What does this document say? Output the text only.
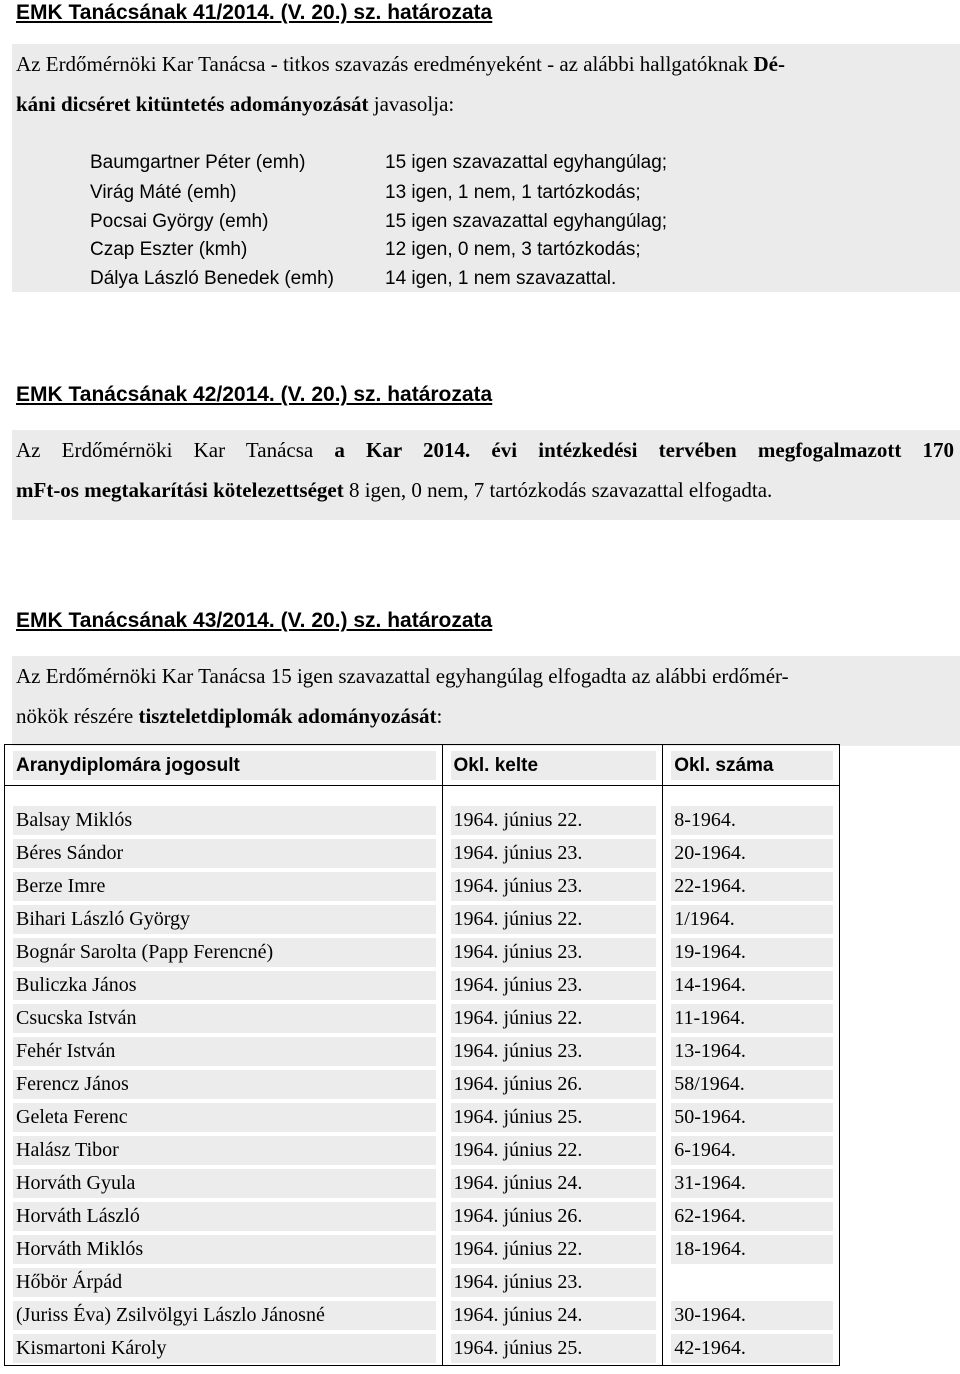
EMK Tanácsának 41/2014. (V. 20.) sz. határozata
Az Erdőmérnöki Kar Tanácsa - titkos szavazás eredményeként - az alábbi hallgatóknak Dé-
káni dicséret kitüntetés adományozását javasolja:
Baumgartner Péter (emh)	15 igen szavazattal egyhangúlag;
Virág Máté (emh)	13 igen, 1 nem, 1 tartózkodás;
Pocsai György (emh)	15 igen szavazattal egyhangúlag;
Czap Eszter (kmh)	12 igen, 0 nem, 3 tartózkodás;
Dálya László Benedek (emh)	14 igen, 1 nem szavazattal.
EMK Tanácsának 42/2014. (V. 20.) sz. határozata
Az Erdőmérnöki Kar Tanácsa a Kar 2014. évi intézkedési tervében megfogalmazott 170
mFt-os megtakarítási kötelezettséget 8 igen, 0 nem, 7 tartózkodás szavazattal elfogadta.
EMK Tanácsának 43/2014. (V. 20.) sz. határozata
Az Erdőmérnöki Kar Tanácsa 15 igen szavazattal egyhangúlag elfogadta az alábbi erdőmér-
nökök részére tiszteletdiplomák adományozását:
Aranydiplomára jogosult	Okl. kelte	Okl. száma

Balsay Miklós	1964. június 22.	8-1964.

Béres Sándor	1964. június 23.	20-1964.

Berze Imre	1964. június 23.	22-1964.

Bihari László György	1964. június 22.	1/1964.

Bognár Sarolta (Papp Ferencné)	1964. június 23.	19-1964.

Buliczka János	1964. június 23.	14-1964.

Csucska István	1964. június 22.	11-1964.

Fehér István	1964. június 23.	13-1964.

Ferencz János	1964. június 26.	58/1964.

Geleta Ferenc	1964. június 25.	50-1964.

Halász Tibor	1964. június 22.	6-1964.

Horváth Gyula	1964. június 24.	31-1964.

Horváth László	1964. június 26.	62-1964.

Horváth Miklós	1964. június 22.	18-1964.

Hőbör Árpád	1964. június 23.	

(Juriss Éva) Zsilvölgyi Lászlo Jánosné	1964. június 24.	30-1964.

Kismartoni Károly	1964. június 25.	42-1964.
